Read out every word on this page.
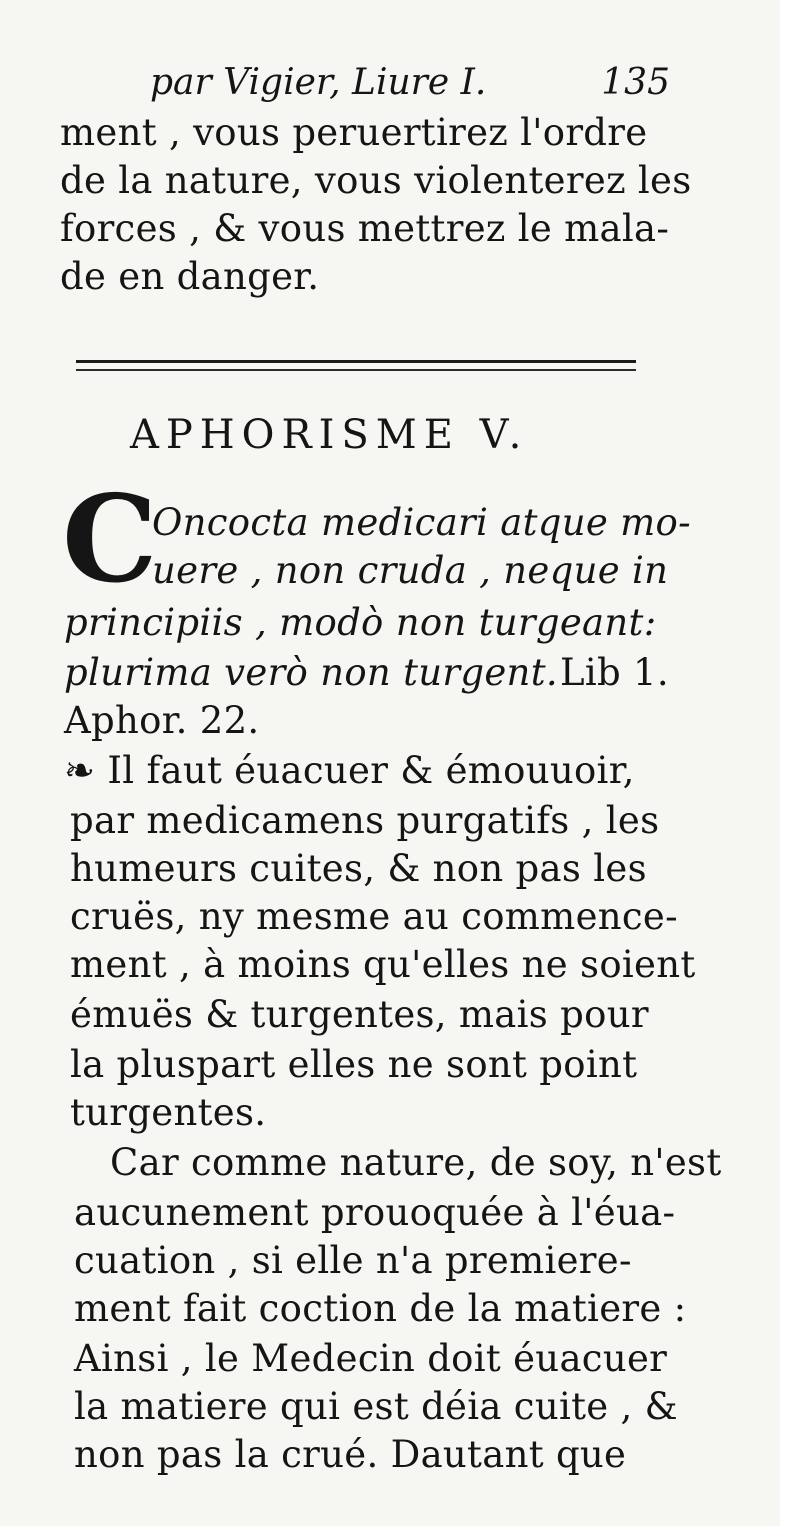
par Vigier, Liure I.	135
ment , vous peruertirez l'ordre
de la nature, vous violenterez les
forces , & vous mettrez le mala-
de en danger.
APHORISME V.
C
Oncocta medicari atque mo-
uere , non cruda , neque in
principiis , modò non turgeant:
plurima verò non turgent. Lib 1.
Aphor. 22.
❧ Il faut éuacuer & émouuoir,
par medicamens purgatifs , les
humeurs cuites, & non pas les
cruës, ny mesme au commence-
ment , à moins qu'elles ne soient
émuës & turgentes, mais pour
la pluspart elles ne sont point
turgentes.
Car comme nature, de soy, n'est
aucunement prouoquée à l'éua-
cuation , si elle n'a premiere-
ment fait coction de la matiere :
Ainsi , le Medecin doit éuacuer
la matiere qui est déia cuite , &
non pas la crué. Dautant que
